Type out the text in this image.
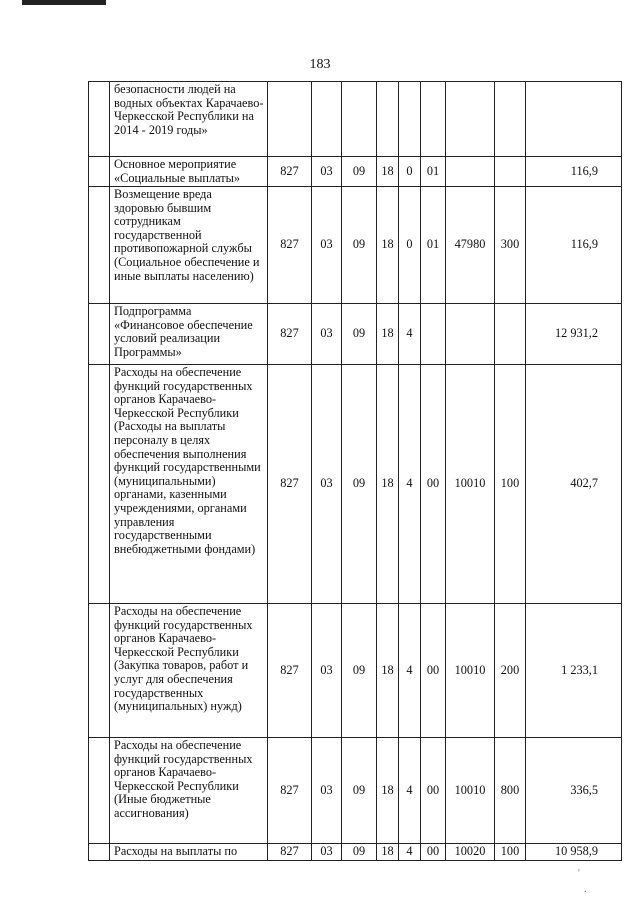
183
	безопасности людей на водных объектах Карачаево-Черкесской Республики на 2014 - 2019 годы»									
	Основное мероприятие «Социальные выплаты»	827	03	09	18	0	01			116,9
	Возмещение вреда здоровью бывшим сотрудникам государственной противопожарной службы (Социальное обеспечение и иные выплаты населению)	827	03	09	18	0	01	47980	300	116,9
	Подпрограмма «Финансовое обеспечение условий реализации Программы»	827	03	09	18	4				12 931,2
	Расходы на обеспечение функций государственных органов Карачаево-Черкесской Республики (Расходы на выплаты персоналу в целях обеспечения выполнения функций государственными (муниципальными) органами, казенными учреждениями, органами управления государственными внебюджетными фондами)	827	03	09	18	4	00	10010	100	402,7
	Расходы на обеспечение функций государственных органов Карачаево-Черкесской Республики (Закупка товаров, работ и услуг для обеспечения государственных (муниципальных) нужд)	827	03	09	18	4	00	10010	200	1 233,1
	Расходы на обеспечение функций государственных органов Карачаево-Черкесской Республики (Иные бюджетные ассигнования)	827	03	09	18	4	00	10010	800	336,5
	Расходы на выплаты по	827	03	09	18	4	00	10020	100	10 958,9
'
.
